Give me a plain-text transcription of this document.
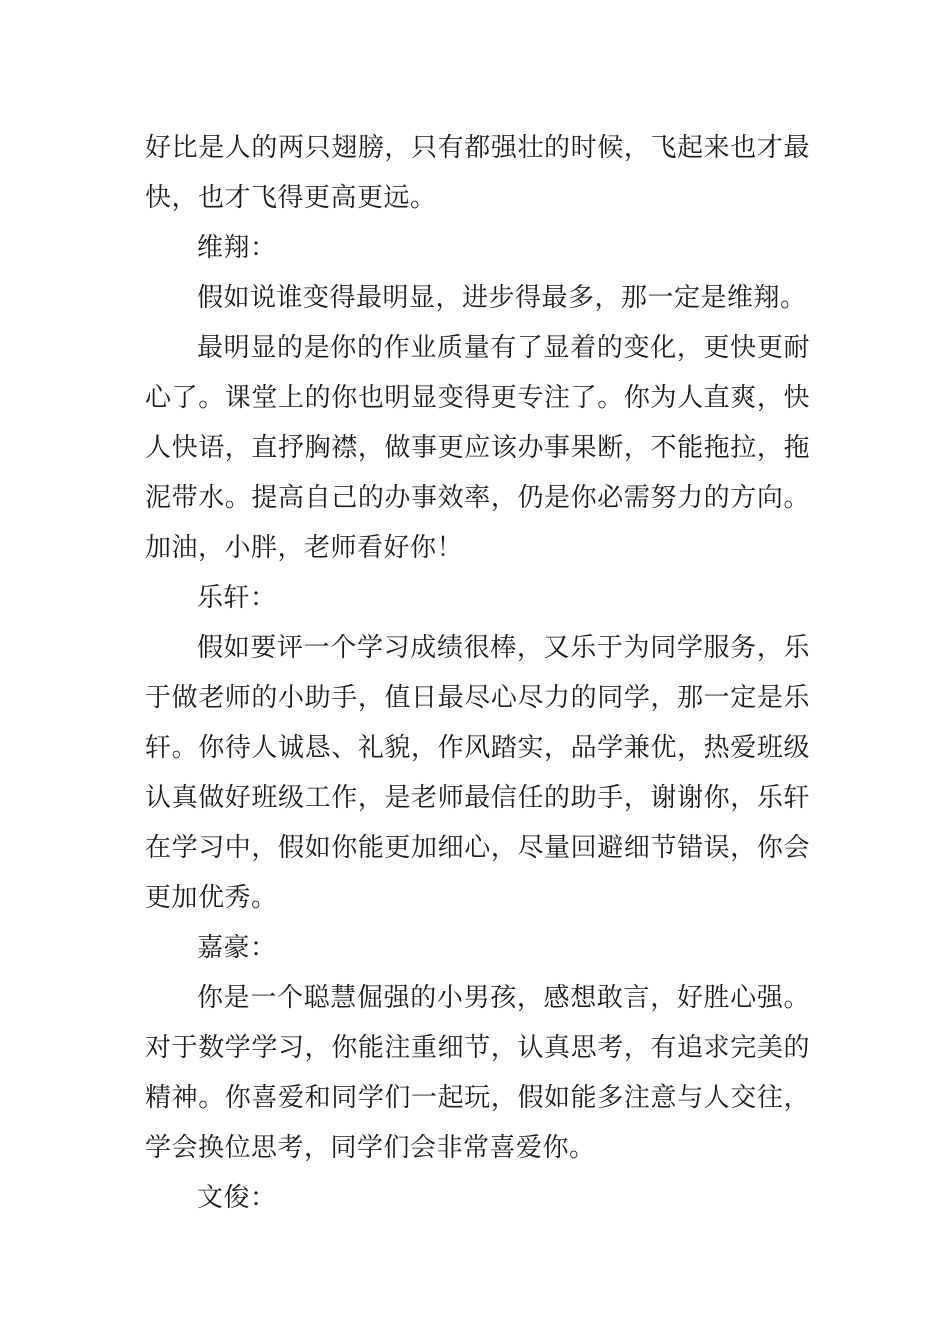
好比是人的两只翅膀，只有都强壮的时候，飞起来也才最快，也才飞得更高更远。

维翔：

假如说谁变得最明显，进步得最多，那一定是维翔。

最明显的是你的作业质量有了显着的变化，更快更耐心了。课堂上的你也明显变得更专注了。你为人直爽，快人快语，直抒胸襟，做事更应该办事果断，不能拖拉，拖泥带水。提高自己的办事效率，仍是你必需努力的方向。加油，小胖，老师看好你！

乐轩：

假如要评一个学习成绩很棒，又乐于为同学服务，乐于做老师的小助手，值日最尽心尽力的同学，那一定是乐轩。你待人诚恳、礼貌，作风踏实，品学兼优，热爱班级认真做好班级工作，是老师最信任的助手，谢谢你，乐轩在学习中，假如你能更加细心，尽量回避细节错误，你会更加优秀。

嘉豪：

你是一个聪慧倔强的小男孩，感想敢言，好胜心强。对于数学学习，你能注重细节，认真思考，有追求完美的精神。你喜爱和同学们一起玩，假如能多注意与人交往，学会换位思考，同学们会非常喜爱你。

文俊：
